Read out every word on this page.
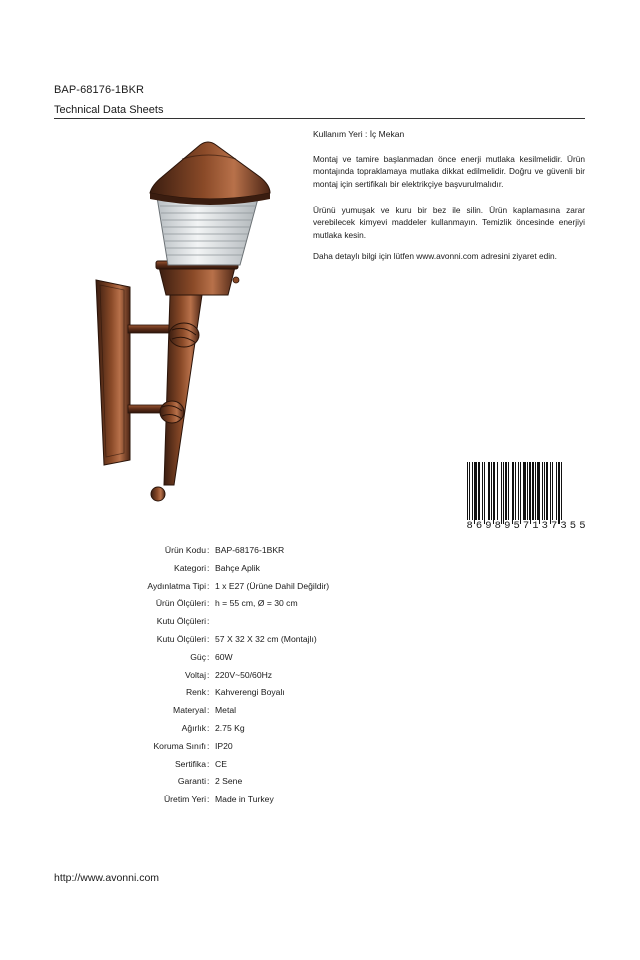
BAP-68176-1BKR
Technical Data Sheets
Kullanım Yeri : İç Mekan
Montaj ve tamire başlanmadan önce enerji mutlaka kesilmelidir. Ürün montajında topraklamaya mutlaka dikkat edilmelidir. Doğru ve güvenli bir montaj için sertifikalı bir elektrikçiye başvurulmalıdır.
Ürünü yumuşak ve kuru bir bez ile silin. Ürün kaplamasına zarar verebilecek kimyevi maddeler kullanmayın. Temizlik öncesinde enerjiyi mutlaka kesin.
Daha detaylı bilgi için lütfen www.avonni.com adresini ziyaret edin.
8 6 9 8 9 5 7 1 3 7 3 5 5
Ürün Kodu : BAP-68176-1BKR
Kategori : Bahçe Aplik
Aydınlatma Tipi : 1 x E27 (Ürüne Dahil Değildir)
Ürün Ölçüleri : h = 55 cm, Ø = 30 cm
Kutu Ölçüleri :
Kutu Ölçüleri : 57 X 32 X 32 cm (Montajlı)
Güç : 60W
Voltaj : 220V~50/60Hz
Renk : Kahverengi Boyalı
Materyal : Metal
Ağırlık : 2.75 Kg
Koruma Sınıfı : IP20
Sertifika : CE
Garanti : 2 Sene
Üretim Yeri : Made in Turkey
http://www.avonni.com
